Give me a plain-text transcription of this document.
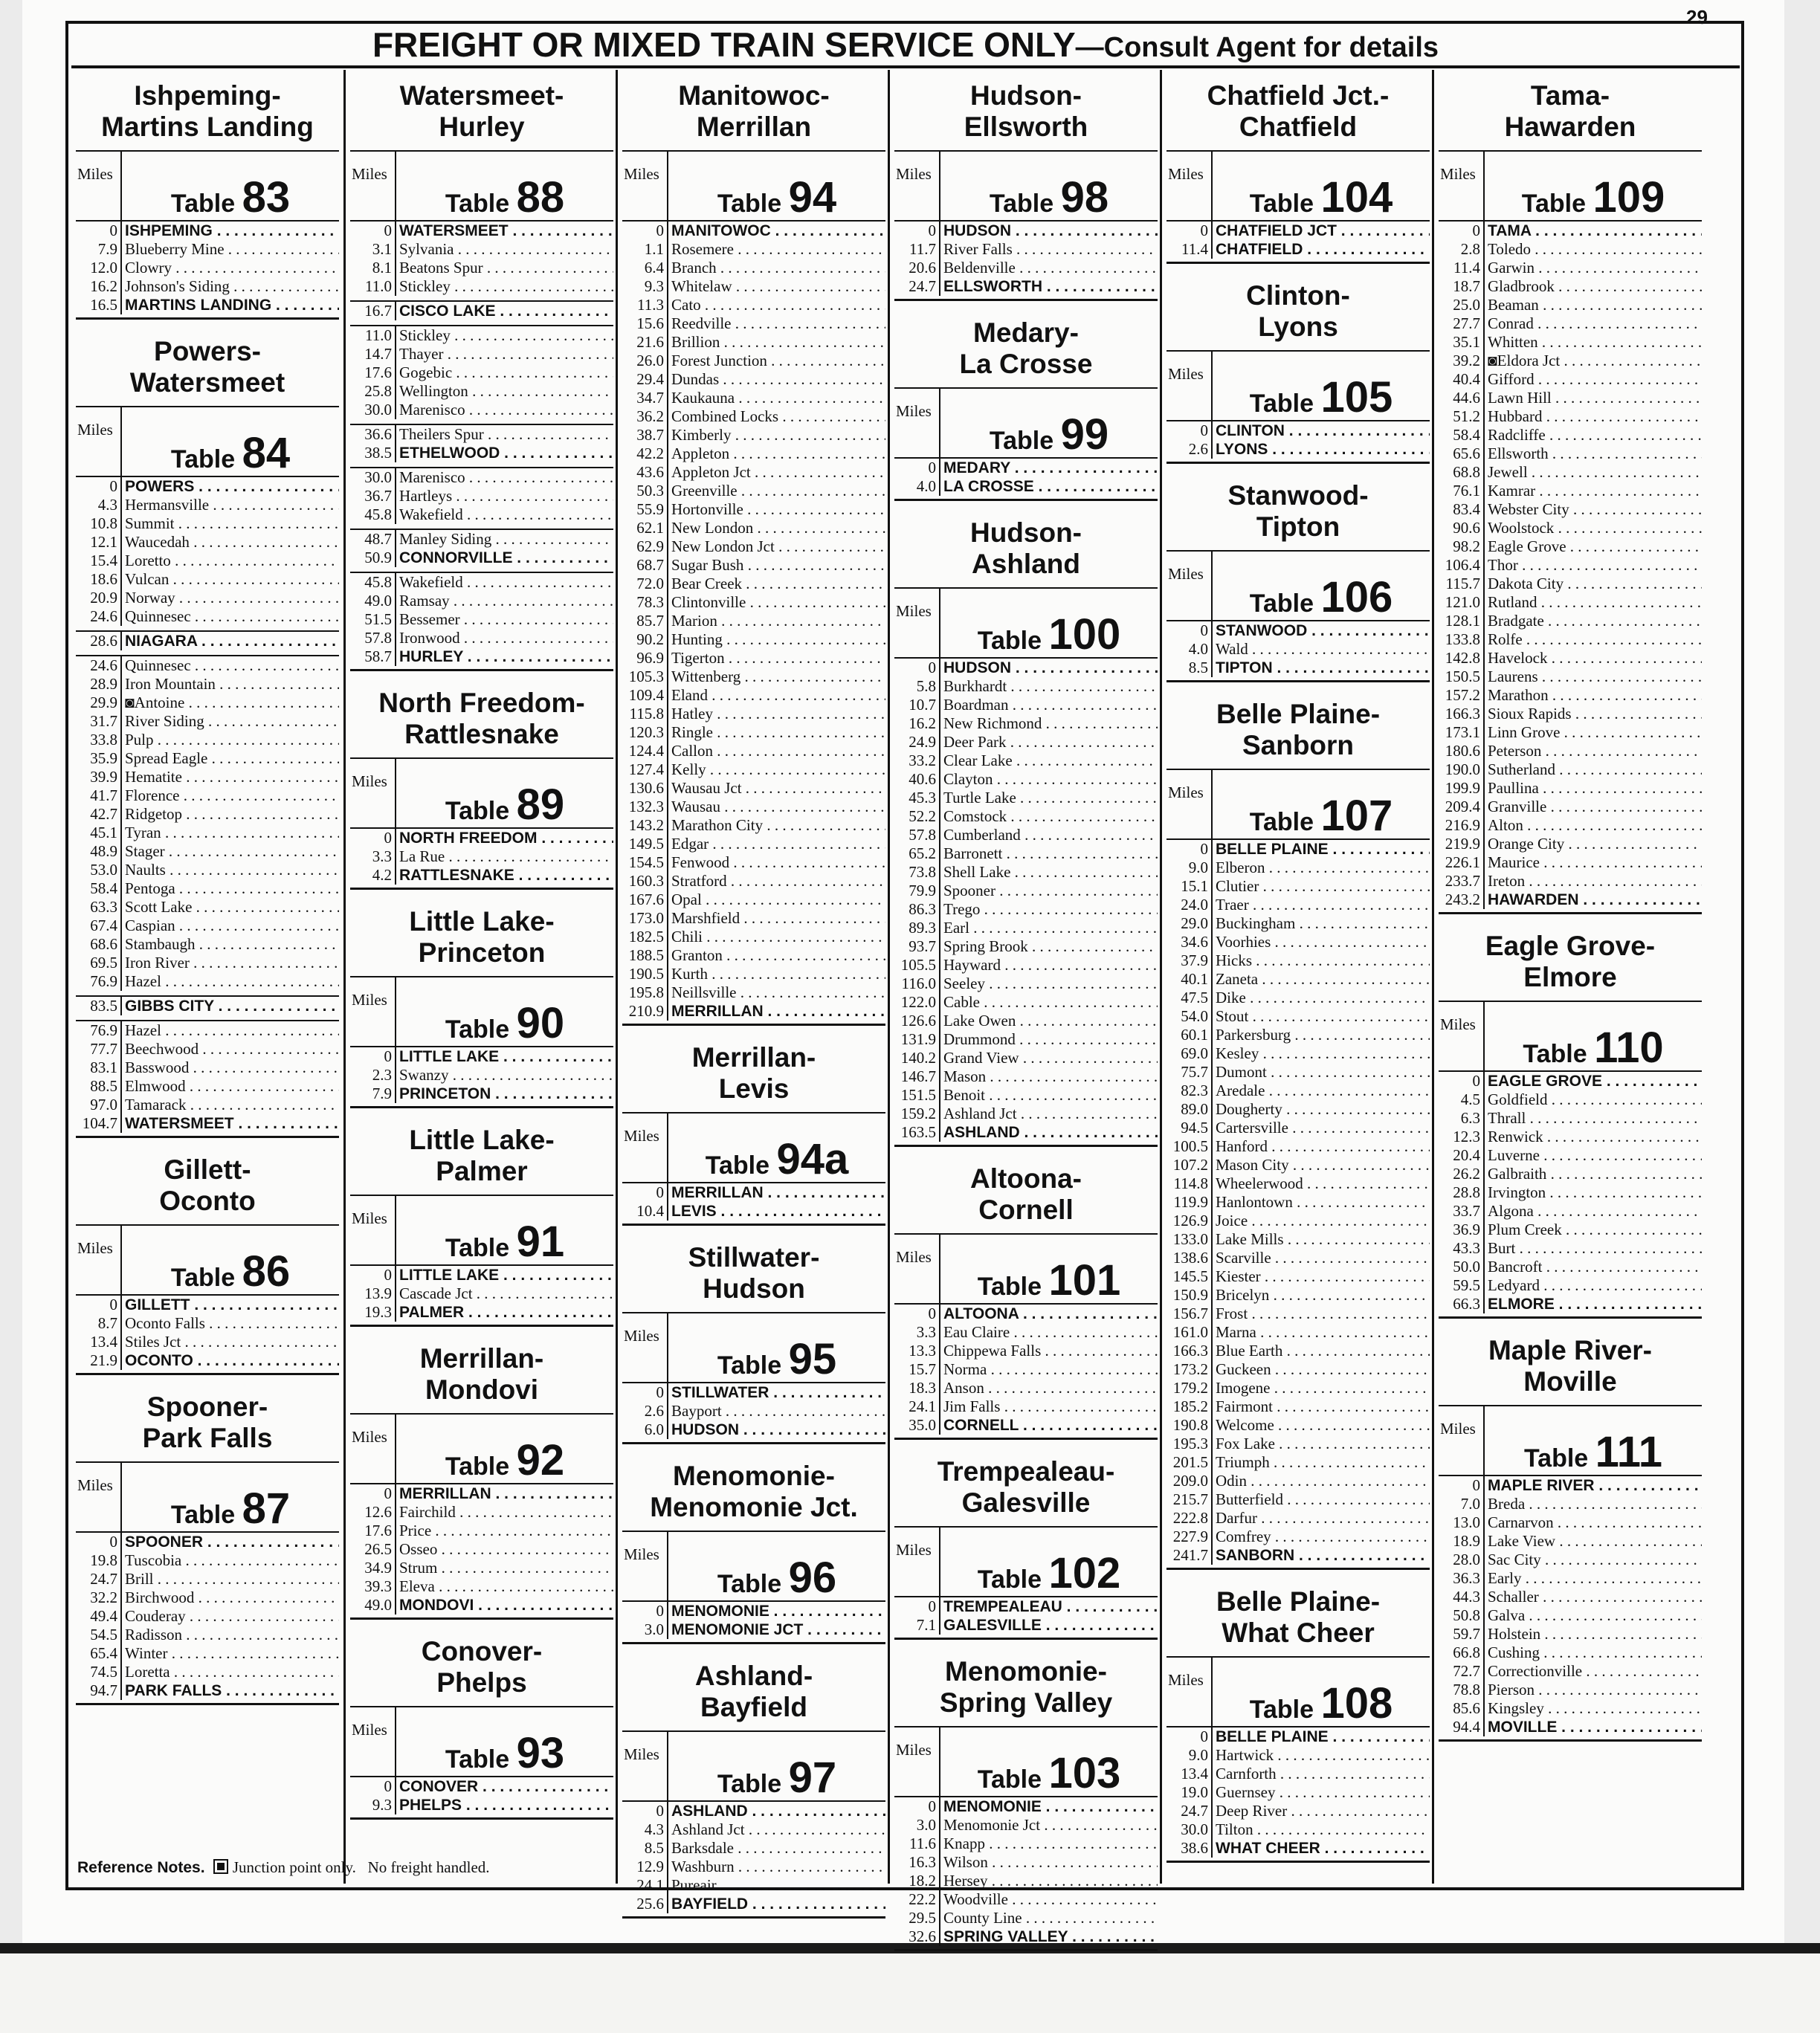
29
FREIGHT OR MIXED TRAIN SERVICE ONLY—Consult Agent for details
Ishpeming-
Martins Landing
Miles
Table 83
0 ISHPEMING . . .
7.9 Blueberry Mine . . .
12.0 Clowry . . .
16.2 Johnson's Siding . . .
16.5 MARTINS LANDING . . .
Powers-
Watersmeet
Miles
Table 84
0 POWERS . . .
4.3 Hermansville . . .
10.8 Summit . . .
12.1 Waucedah . . .
15.4 Loretto . . .
18.6 Vulcan . . .
20.9 Norway . . .
24.6 Quinnesec . . .
28.6 NIAGARA . . .
24.6 Quinnesec . . .
28.9 Iron Mountain . . .
29.9 ◙Antoine . . .
31.7 River Siding . . .
33.8 Pulp . . .
35.9 Spread Eagle . . .
39.9 Hematite . . .
41.7 Florence . . .
42.7 Ridgetop . . .
45.1 Tyran . . .
48.9 Stager . . .
53.0 Naults . . .
58.4 Pentoga . . .
63.3 Scott Lake . . .
67.4 Caspian . . .
68.6 Stambaugh . . .
69.5 Iron River . . .
76.9 Hazel . . .
83.5 GIBBS CITY . . .
76.9 Hazel . . .
77.7 Beechwood . . .
83.1 Basswood . . .
88.5 Elmwood . . .
97.0 Tamarack . . .
104.7 WATERSMEET . . .
Gillett-
Oconto
Miles
Table 86
0 GILLETT . . .
8.7 Oconto Falls . . .
13.4 Stiles Jct . . .
21.9 OCONTO . . .
Spooner-
Park Falls
Miles
Table 87
0 SPOONER . . .
19.8 Tuscobia . . .
24.7 Brill . . .
32.2 Birchwood . . .
49.4 Couderay . . .
54.5 Radisson . . .
65.4 Winter . . .
74.5 Loretta . . .
94.7 PARK FALLS . . .
Watersmeet-
Hurley
Miles
Table 88
0 WATERSMEET . . .
3.1 Sylvania . . .
8.1 Beatons Spur . . .
11.0 Stickley . . .
16.7 CISCO LAKE . . .
11.0 Stickley . . .
14.7 Thayer . . .
17.6 Gogebic . . .
25.8 Wellington . . .
30.0 Marenisco . . .
36.6 Theilers Spur . . .
38.5 ETHELWOOD . . .
30.0 Marenisco . . .
36.7 Hartleys . . .
45.8 Wakefield . . .
48.7 Manley Siding . . .
50.9 CONNORVILLE . . .
45.8 Wakefield . . .
49.0 Ramsay . . .
51.5 Bessemer . . .
57.8 Ironwood . . .
58.7 HURLEY . . .
North Freedom-
Rattlesnake
Miles
Table 89
0 NORTH FREEDOM . . .
3.3 La Rue . . .
4.2 RATTLESNAKE . . .
Little Lake-
Princeton
Miles
Table 90
0 LITTLE LAKE . . .
2.3 Swanzy . . .
7.9 PRINCETON . . .
Little Lake-
Palmer
Miles
Table 91
0 LITTLE LAKE . . .
13.9 Cascade Jct . . .
19.3 PALMER . . .
Merrillan-
Mondovi
Miles
Table 92
0 MERRILLAN . . .
12.6 Fairchild . . .
17.6 Price . . .
26.5 Osseo . . .
34.9 Strum . . .
39.3 Eleva . . .
49.0 MONDOVI . . .
Conover-
Phelps
Miles
Table 93
0 CONOVER . . .
9.3 PHELPS . . .
Manitowoc-
Merrillan
Miles
Table 94
0 MANITOWOC . . .
1.1 Rosemere . . .
6.4 Branch . . .
9.3 Whitelaw . . .
11.3 Cato . . .
15.6 Reedville . . .
21.6 Brillion . . .
26.0 Forest Junction . . .
29.4 Dundas . . .
34.7 Kaukauna . . .
36.2 Combined Locks . . .
38.7 Kimberly . . .
42.2 Appleton . . .
43.6 Appleton Jct . . .
50.3 Greenville . . .
55.9 Hortonville . . .
62.1 New London . . .
62.9 New London Jct . . .
68.7 Sugar Bush . . .
72.0 Bear Creek . . .
78.3 Clintonville . . .
85.7 Marion . . .
90.2 Hunting . . .
96.9 Tigerton . . .
105.3 Wittenberg . . .
109.4 Eland . . .
115.8 Hatley . . .
120.3 Ringle . . .
124.4 Callon . . .
127.4 Kelly . . .
130.6 Wausau Jct . . .
132.3 Wausau . . .
143.2 Marathon City . . .
149.5 Edgar . . .
154.5 Fenwood . . .
160.3 Stratford . . .
167.6 Opal . . .
173.0 Marshfield . . .
182.5 Chili . . .
188.5 Granton . . .
190.5 Kurth . . .
195.8 Neillsville . . .
210.9 MERRILLAN . . .
Merrillan-
Levis
Miles
Table 94a
0 MERRILLAN . . .
10.4 LEVIS . . .
Stillwater-
Hudson
Miles
Table 95
0 STILLWATER . . .
2.6 Bayport . . .
6.0 HUDSON . . .
Menomonie-
Menomonie Jct.
Miles
Table 96
0 MENOMONIE . . .
3.0 MENOMONIE JCT . . .
Ashland-
Bayfield
Miles
Table 97
0 ASHLAND . . .
4.3 Ashland Jct . . .
8.5 Barksdale . . .
12.9 Washburn . . .
24.1 Pureair . . .
25.6 BAYFIELD . . .
Hudson-
Ellsworth
Miles
Table 98
0 HUDSON . . .
11.7 River Falls . . .
20.6 Beldenville . . .
24.7 ELLSWORTH . . .
Medary-
La Crosse
Miles
Table 99
0 MEDARY . . .
4.0 LA CROSSE . . .
Hudson-
Ashland
Miles
Table 100
0 HUDSON . . .
5.8 Burkhardt . . .
10.7 Boardman . . .
16.2 New Richmond . . .
24.9 Deer Park . . .
33.2 Clear Lake . . .
40.6 Clayton . . .
45.3 Turtle Lake . . .
52.2 Comstock . . .
57.8 Cumberland . . .
65.2 Barronett . . .
73.8 Shell Lake . . .
79.9 Spooner . . .
86.3 Trego . . .
89.3 Earl . . .
93.7 Spring Brook . . .
105.5 Hayward . . .
116.0 Seeley . . .
122.0 Cable . . .
126.6 Lake Owen . . .
131.9 Drummond . . .
140.2 Grand View . . .
146.7 Mason . . .
151.5 Benoit . . .
159.2 Ashland Jct . . .
163.5 ASHLAND . . .
Altoona-
Cornell
Miles
Table 101
0 ALTOONA . . .
3.3 Eau Claire . . .
13.3 Chippewa Falls . . .
15.7 Norma . . .
18.3 Anson . . .
24.1 Jim Falls . . .
35.0 CORNELL . . .
Trempealeau-
Galesville
Miles
Table 102
0 TREMPEALEAU . . .
7.1 GALESVILLE . . .
Menomonie-
Spring Valley
Miles
Table 103
0 MENOMONIE . . .
3.0 Menomonie Jct . . .
11.6 Knapp . . .
16.3 Wilson . . .
18.2 Hersey . . .
22.2 Woodville . . .
29.5 County Line . . .
32.6 SPRING VALLEY . . .
Chatfield Jct.-
Chatfield
Miles
Table 104
0 CHATFIELD JCT . . .
11.4 CHATFIELD . . .
Clinton-
Lyons
Miles
Table 105
0 CLINTON . . .
2.6 LYONS . . .
Stanwood-
Tipton
Miles
Table 106
0 STANWOOD . . .
4.0 Wald . . .
8.5 TIPTON . . .
Belle Plaine-
Sanborn
Miles
Table 107
0 BELLE PLAINE . . .
9.0 Elberon . . .
15.1 Clutier . . .
24.0 Traer . . .
29.0 Buckingham . . .
34.6 Voorhies . . .
37.9 Hicks . . .
40.1 Zaneta . . .
47.5 Dike . . .
54.0 Stout . . .
60.1 Parkersburg . . .
69.0 Kesley . . .
75.7 Dumont . . .
82.3 Aredale . . .
89.0 Dougherty . . .
94.5 Cartersville . . .
100.5 Hanford . . .
107.2 Mason City . . .
114.8 Wheelerwood . . .
119.9 Hanlontown . . .
126.9 Joice . . .
133.0 Lake Mills . . .
138.6 Scarville . . .
145.5 Kiester . . .
150.9 Bricelyn . . .
156.7 Frost . . .
161.0 Marna . . .
166.3 Blue Earth . . .
173.2 Guckeen . . .
179.2 Imogene . . .
185.2 Fairmont . . .
190.8 Welcome . . .
195.3 Fox Lake . . .
201.5 Triumph . . .
209.0 Odin . . .
215.7 Butterfield . . .
222.8 Darfur . . .
227.9 Comfrey . . .
241.7 SANBORN . . .
Belle Plaine-
What Cheer
Miles
Table 108
0 BELLE PLAINE . . .
9.0 Hartwick . . .
13.4 Carnforth . . .
19.0 Guernsey . . .
24.7 Deep River . . .
30.0 Tilton . . .
38.6 WHAT CHEER . . .
Tama-
Hawarden
Miles
Table 109
0 TAMA . . .
2.8 Toledo . . .
11.4 Garwin . . .
18.7 Gladbrook . . .
25.0 Beaman . . .
27.7 Conrad . . .
35.1 Whitten . . .
39.2 ◙Eldora Jct . . .
40.4 Gifford . . .
44.6 Lawn Hill . . .
51.2 Hubbard . . .
58.4 Radcliffe . . .
65.6 Ellsworth . . .
68.8 Jewell . . .
76.1 Kamrar . . .
83.4 Webster City . . .
90.6 Woolstock . . .
98.2 Eagle Grove . . .
106.4 Thor . . .
115.7 Dakota City . . .
121.0 Rutland . . .
128.1 Bradgate . . .
133.8 Rolfe . . .
142.8 Havelock . . .
150.5 Laurens . . .
157.2 Marathon . . .
166.3 Sioux Rapids . . .
173.1 Linn Grove . . .
180.6 Peterson . . .
190.0 Sutherland . . .
199.9 Paullina . . .
209.4 Granville . . .
216.9 Alton . . .
219.9 Orange City . . .
226.1 Maurice . . .
233.7 Ireton . . .
243.2 HAWARDEN . . .
Eagle Grove-
Elmore
Miles
Table 110
0 EAGLE GROVE . . .
4.5 Goldfield . . .
6.3 Thrall . . .
12.3 Renwick . . .
20.4 Luverne . . .
26.2 Galbraith . . .
28.8 Irvington . . .
33.7 Algona . . .
36.9 Plum Creek . . .
43.3 Burt . . .
50.0 Bancroft . . .
59.5 Ledyard . . .
66.3 ELMORE . . .
Maple River-
Moville
Miles
Table 111
0 MAPLE RIVER . . .
7.0 Breda . . .
13.0 Carnarvon . . .
18.9 Lake View . . .
28.0 Sac City . . .
36.3 Early . . .
44.3 Schaller . . .
50.8 Galva . . .
59.7 Holstein . . .
66.8 Cushing . . .
72.7 Correctionville . . .
78.8 Pierson . . .
85.6 Kingsley . . .
94.4 MOVILLE . . .
Reference Notes. Junction point only. No freight handled.
